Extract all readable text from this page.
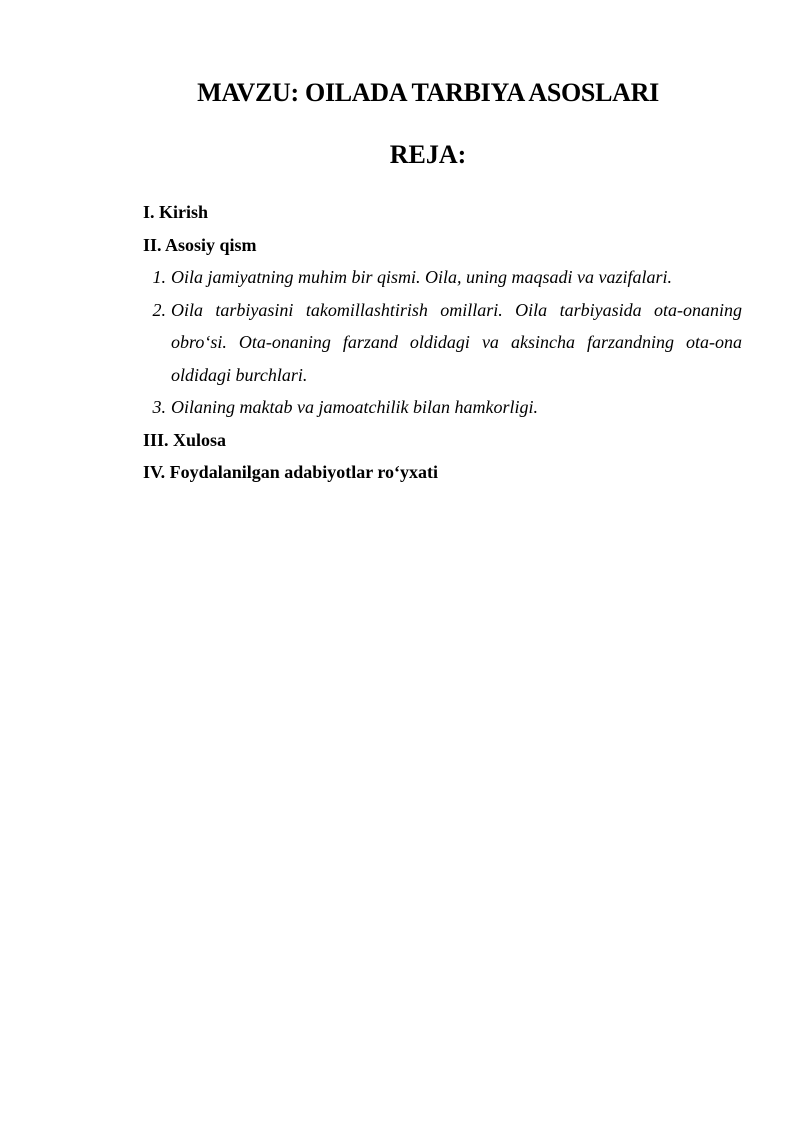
MAVZU: OILADA TARBIYA ASOSLARI
REJA:
I. Kirish
II. Asosiy qism
1. Oila jamiyatning muhim bir qismi. Oila, uning maqsadi va vazifalari.
2. Oila tarbiyasini takomillashtirish omillari. Oila tarbiyasida ota-onaning obro‘si. Ota-onaning farzand oldidagi va aksincha farzandning ota-ona oldidagi burchlari.
3. Oilaning maktab va jamoatchilik bilan hamkorligi.
III. Xulosa
IV. Foydalanilgan adabiyotlar ro‘yxati
